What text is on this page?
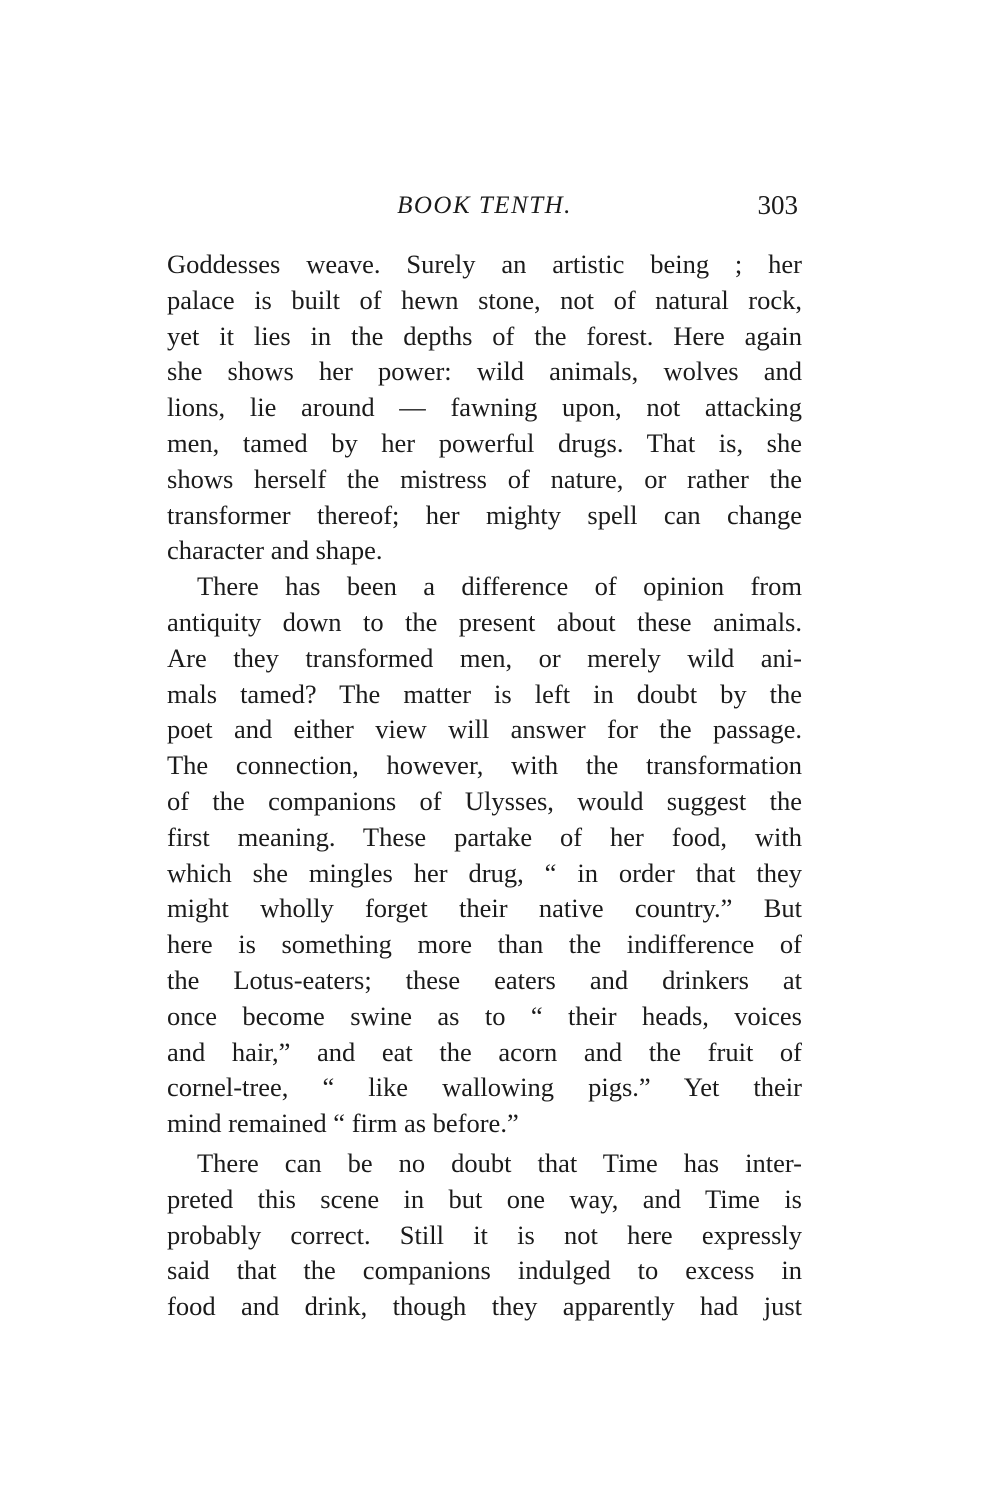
BOOK TENTH.	303
Goddesses weave. Surely an artistic being ; her
palace is built of hewn stone, not of natural rock,
yet it lies in the depths of the forest. Here again
she shows her power: wild animals, wolves and
lions, lie around — fawning upon, not attacking
men, tamed by her powerful drugs. That is, she
shows herself the mistress of nature, or rather the
transformer thereof; her mighty spell can change
character and shape.
There has been a difference of opinion from
antiquity down to the present about these animals.
Are they transformed men, or merely wild ani-
mals tamed? The matter is left in doubt by the
poet and either view will answer for the passage.
The connection, however, with the transformation
of the companions of Ulysses, would suggest the
first meaning. These partake of her food, with
which she mingles her drug, “ in order that they
might wholly forget their native country.” But
here is something more than the indifference of
the Lotus-eaters; these eaters and drinkers at
once become swine as to “ their heads, voices
and hair,” and eat the acorn and the fruit of
cornel-tree, “ like wallowing pigs.” Yet their
mind remained “ firm as before.”
There can be no doubt that Time has inter-
preted this scene in but one way, and Time is
probably correct. Still it is not here expressly
said that the companions indulged to excess in
food and drink, though they apparently had just
